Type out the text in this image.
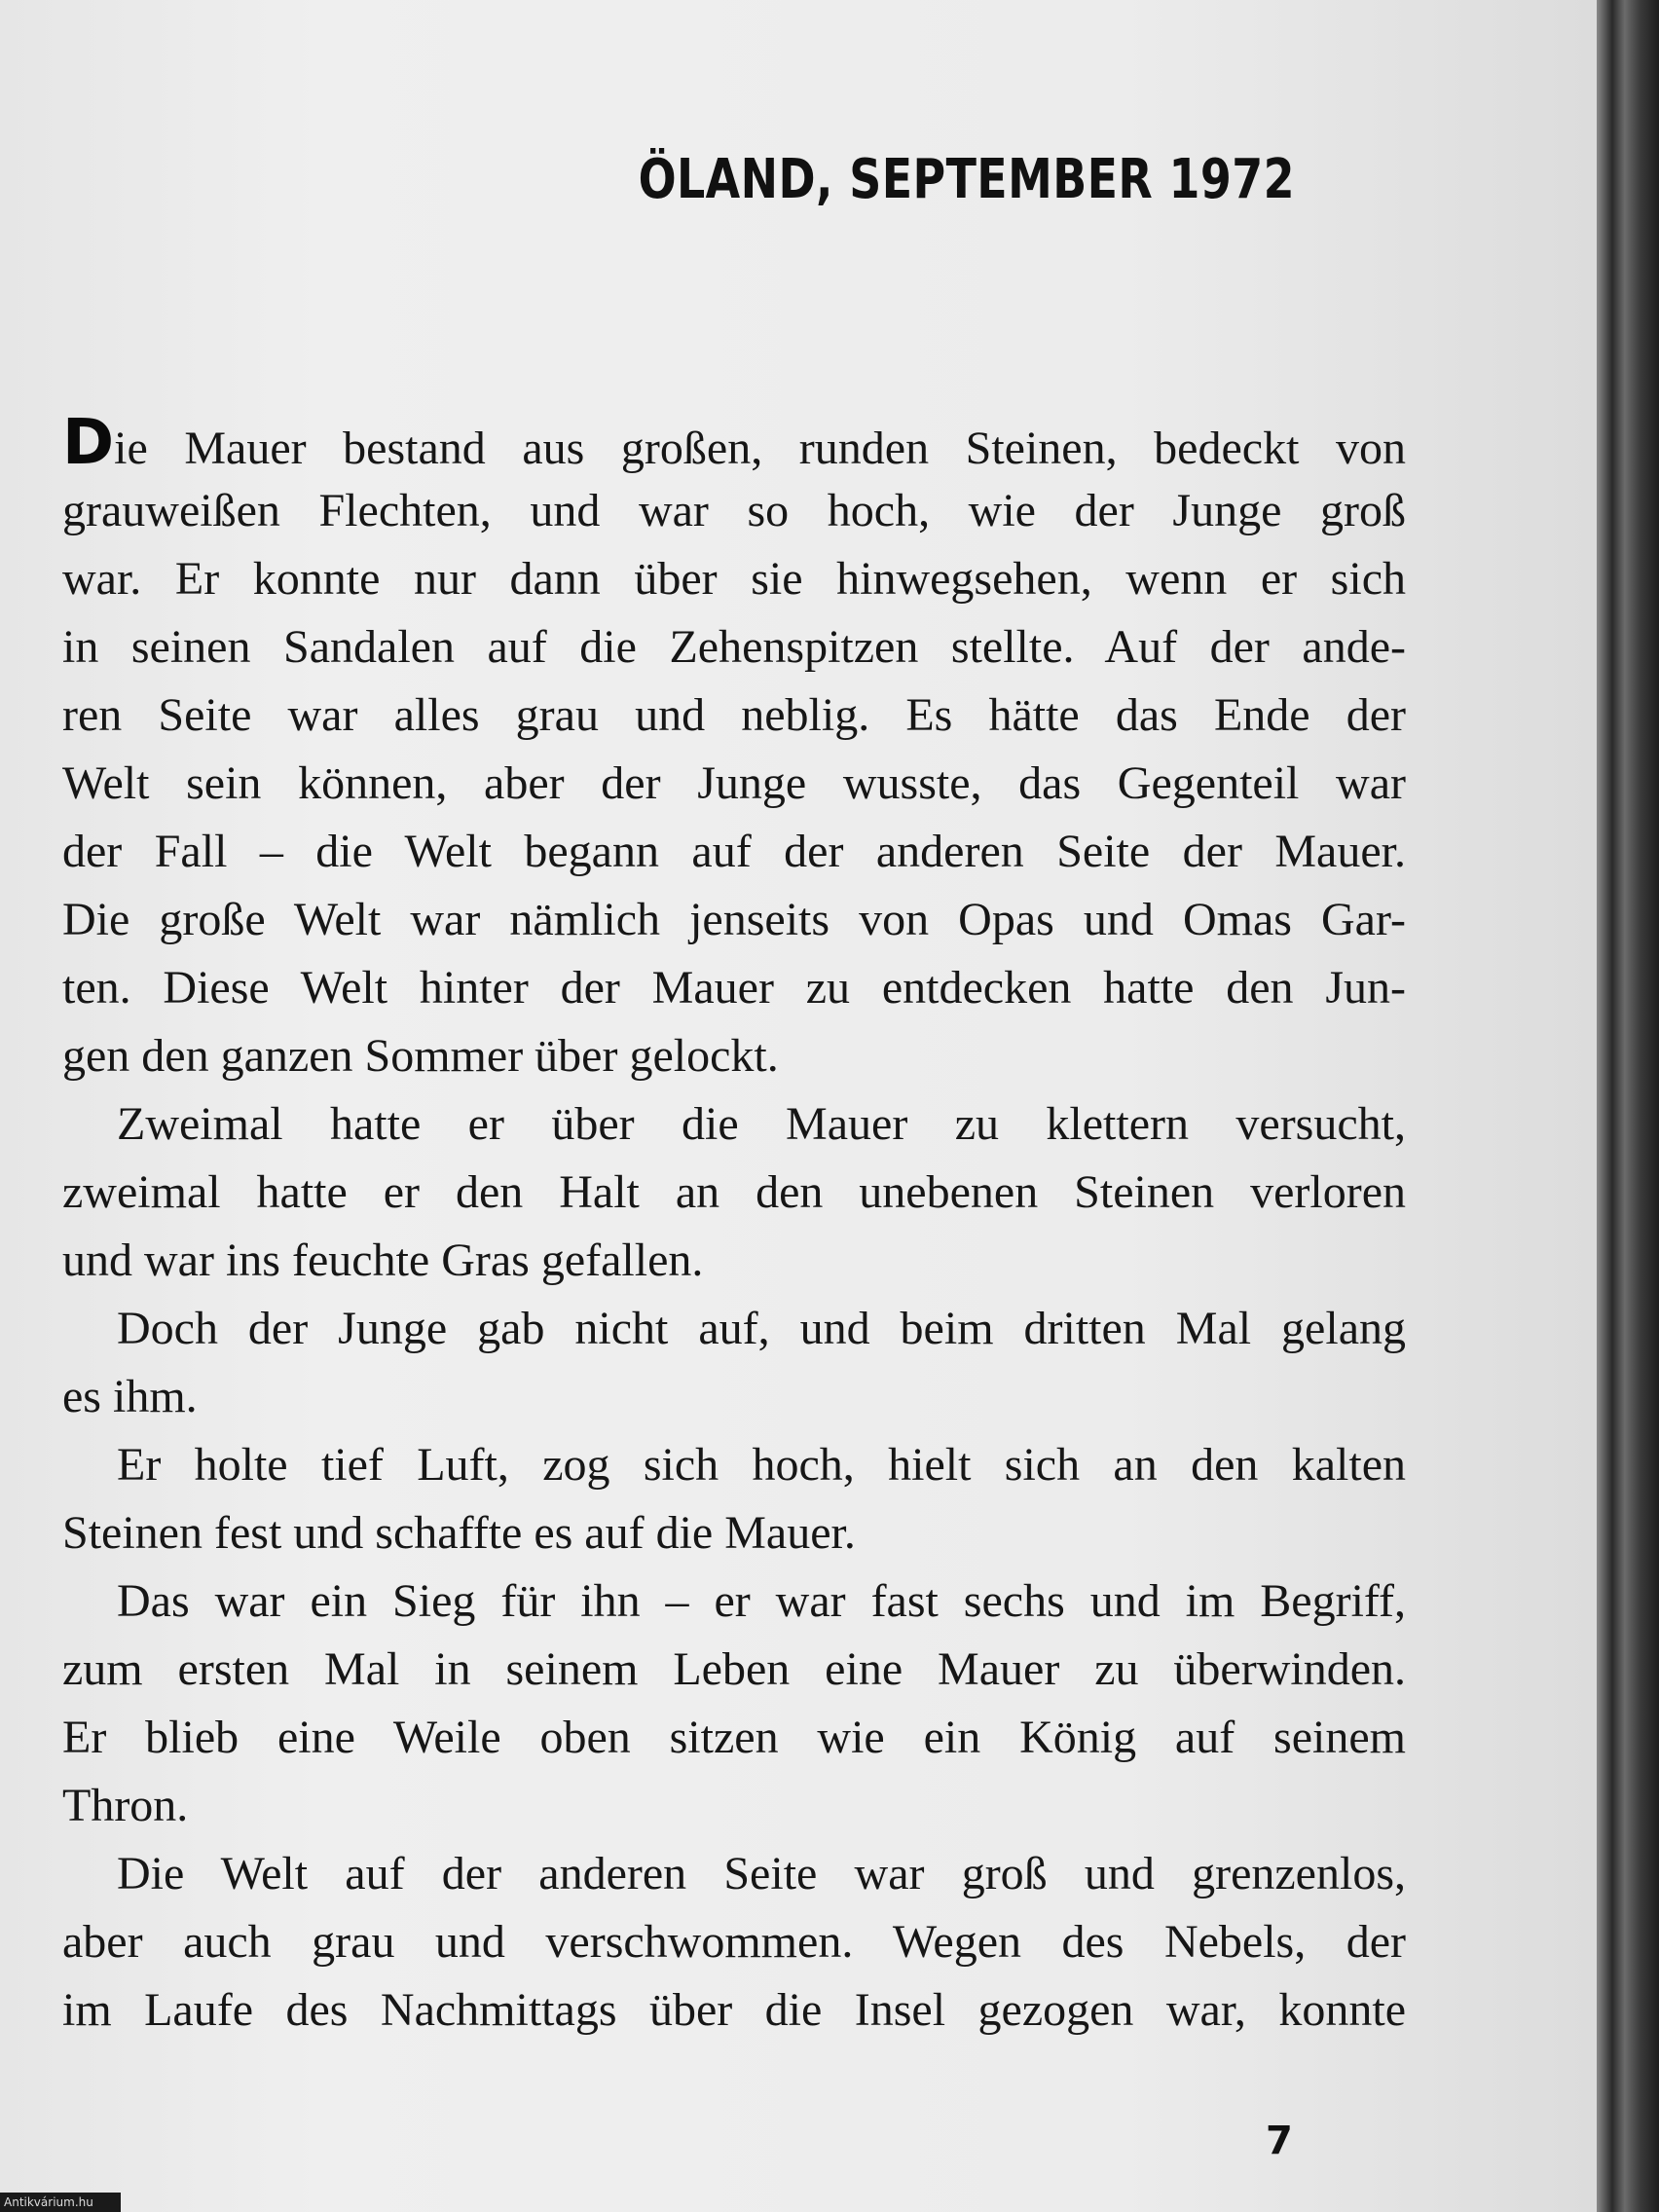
ÖLAND, SEPTEMBER 1972
Die Mauer bestand aus großen, runden Steinen, bedeckt von
grauweißen Flechten, und war so hoch, wie der Junge groß
war. Er konnte nur dann über sie hinwegsehen, wenn er sich
in seinen Sandalen auf die Zehenspitzen stellte. Auf der ande-
ren Seite war alles grau und neblig. Es hätte das Ende der
Welt sein können, aber der Junge wusste, das Gegenteil war
der Fall – die Welt begann auf der anderen Seite der Mauer.
Die große Welt war nämlich jenseits von Opas und Omas Gar-
ten. Diese Welt hinter der Mauer zu entdecken hatte den Jun-
gen den ganzen Sommer über gelockt.
Zweimal hatte er über die Mauer zu klettern versucht,
zweimal hatte er den Halt an den unebenen Steinen verloren
und war ins feuchte Gras gefallen.
Doch der Junge gab nicht auf, und beim dritten Mal gelang
es ihm.
Er holte tief Luft, zog sich hoch, hielt sich an den kalten
Steinen fest und schaffte es auf die Mauer.
Das war ein Sieg für ihn – er war fast sechs und im Begriff,
zum ersten Mal in seinem Leben eine Mauer zu überwinden.
Er blieb eine Weile oben sitzen wie ein König auf seinem
Thron.
Die Welt auf der anderen Seite war groß und grenzenlos,
aber auch grau und verschwommen. Wegen des Nebels, der
im Laufe des Nachmittags über die Insel gezogen war, konnte
7
Antikvárium.hu
